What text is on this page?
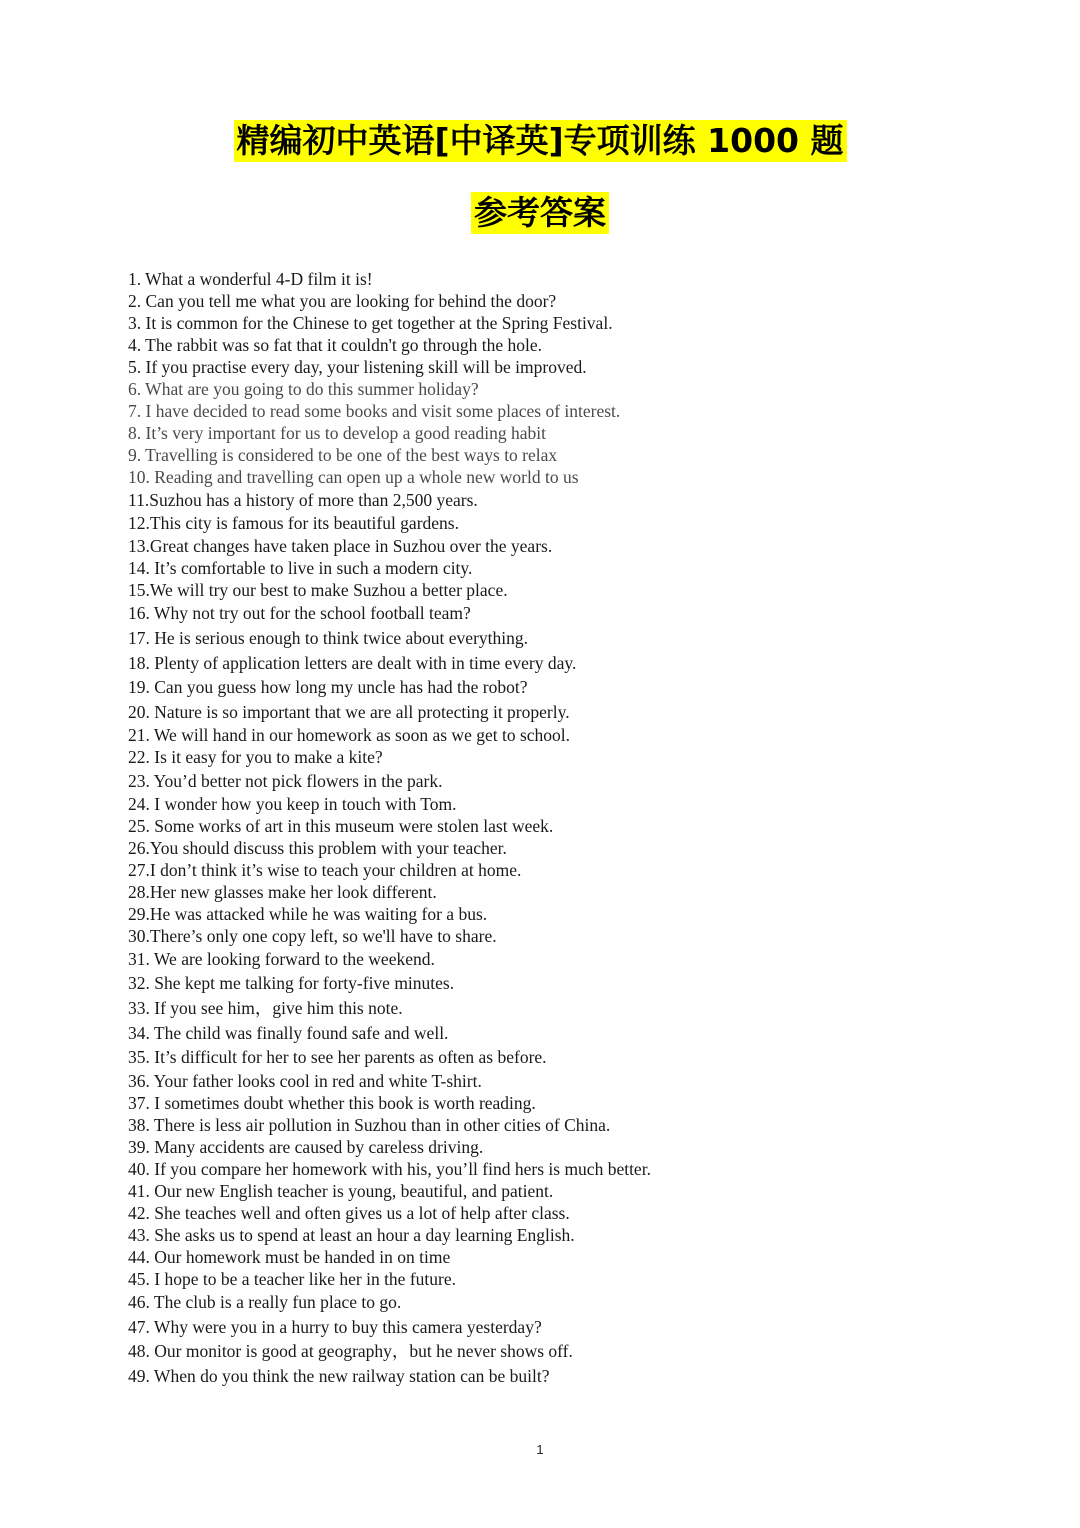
精编初中英语[中译英]专项训练 1000 题
参考答案
1. What a wonderful 4-D film it is!
2. Can you tell me what you are looking for behind the door?
3. It is common for the Chinese to get together at the Spring Festival.
4. The rabbit was so fat that it couldn't go through the hole.
5. If you practise every day, your listening skill will be improved.
6. What are you going to do this summer holiday?
7. I have decided to read some books and visit some places of interest.
8. It’s very important for us to develop a good reading habit
9. Travelling is considered to be one of the best ways to relax
10. Reading and travelling can open up a whole new world to us
11.Suzhou has a history of more than 2,500 years.
12.This city is famous for its beautiful gardens.
13.Great changes have taken place in Suzhou over the years.
14. It’s comfortable to live in such a modern city.
15.We will try our best to make Suzhou a better place.
16. Why not try out for the school football team?
17. He is serious enough to think twice about everything.
18. Plenty of application letters are dealt with in time every day.
19. Can you guess how long my uncle has had the robot?
20. Nature is so important that we are all protecting it properly.
21. We will hand in our homework as soon as we get to school.
22. Is it easy for you to make a kite?
23. You’d better not pick flowers in the park.
24. I wonder how you keep in touch with Tom.
25. Some works of art in this museum were stolen last week.
26.You should discuss this problem with your teacher.
27.I don’t think it’s wise to teach your children at home.
28.Her new glasses make her look different.
29.He was attacked while he was waiting for a bus.
30.There’s only one copy left, so we'll have to share.
31. We are looking forward to the weekend.
32. She kept me talking for forty-five minutes.
33. If you see him，give him this note.
34. The child was finally found safe and well.
35. It’s difficult for her to see her parents as often as before.
36. Your father looks cool in red and white T-shirt.
37. I sometimes doubt whether this book is worth reading.
38. There is less air pollution in Suzhou than in other cities of China.
39. Many accidents are caused by careless driving.
40. If you compare her homework with his, you’ll find hers is much better.
41. Our new English teacher is young, beautiful, and patient.
42. She teaches well and often gives us a lot of help after class.
43. She asks us to spend at least an hour a day learning English.
44. Our homework must be handed in on time
45. I hope to be a teacher like her in the future.
46. The club is a really fun place to go.
47. Why were you in a hurry to buy this camera yesterday?
48. Our monitor is good at geography，but he never shows off.
49. When do you think the new railway station can be built?
1
